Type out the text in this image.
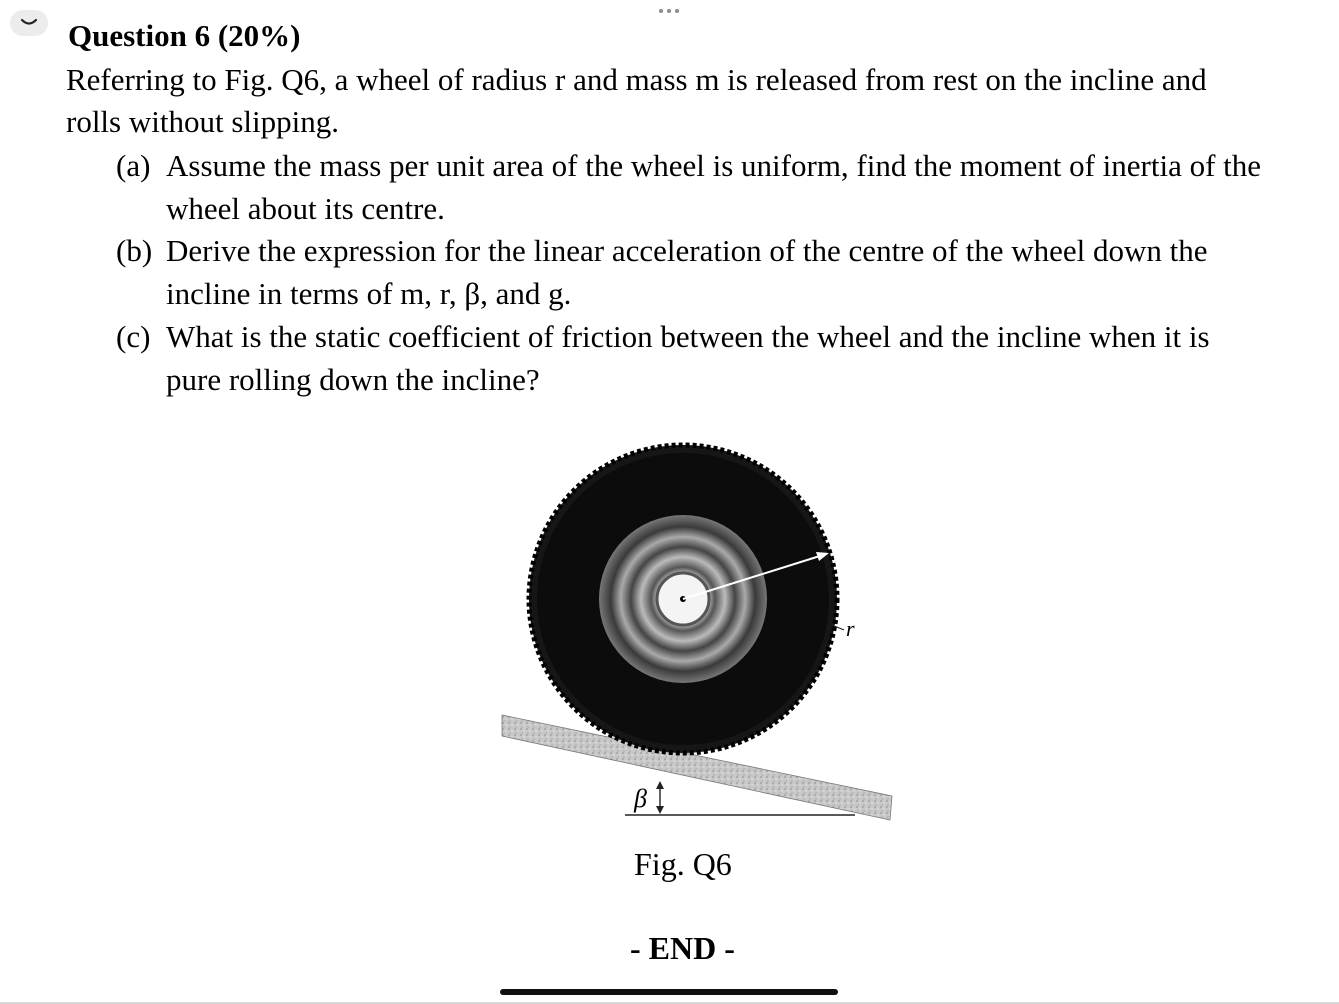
Question 6 (20%)
Referring to Fig. Q6, a wheel of radius r and mass m is released from rest on the incline and
rolls without slipping.
(a) Assume the mass per unit area of the wheel is uniform, find the moment of inertia of the
wheel about its centre.
(b) Derive the expression for the linear acceleration of the centre of the wheel down the
incline in terms of m, r, β, and g.
(c) What is the static coefficient of friction between the wheel and the incline when it is
pure rolling down the incline?
r
β
Fig. Q6
- END -
